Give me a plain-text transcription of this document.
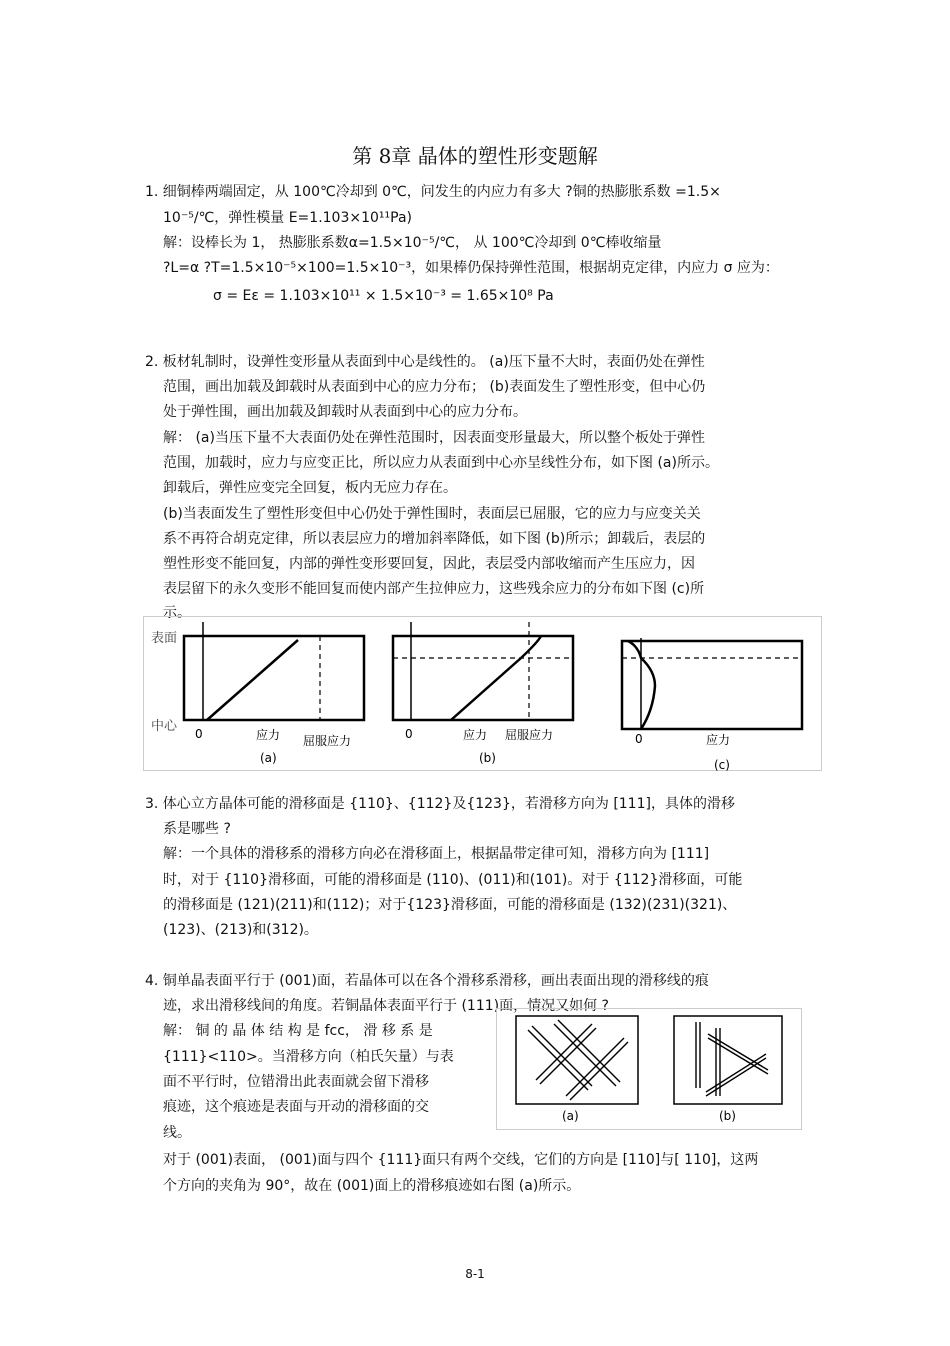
第 8章 晶体的塑性形变题解
1. 细铜棒两端固定，从 100℃冷却到 0℃，问发生的内应力有多大 ?铜的热膨胀系数 =1.5×
10⁻⁵/℃，弹性模量 E=1.103×10¹¹Pa)
解：设棒长为 1， 热膨胀系数α=1.5×10⁻⁵/℃， 从 100℃冷却到 0℃棒收缩量
?L=α ?T=1.5×10⁻⁵×100=1.5×10⁻³，如果棒仍保持弹性范围，根据胡克定律，内应力 σ 应为：
σ = Eε = 1.103×10¹¹ × 1.5×10⁻³ = 1.65×10⁸ Pa
2. 板材轧制时，设弹性变形量从表面到中心是线性的。 (a)压下量不大时，表面仍处在弹性
范围，画出加载及卸载时从表面到中心的应力分布； (b)表面发生了塑性形变，但中心仍
处于弹性围，画出加载及卸载时从表面到中心的应力分布。
解： (a)当压下量不大表面仍处在弹性范围时，因表面变形量最大，所以整个板处于弹性
范围，加载时，应力与应变正比，所以应力从表面到中心亦呈线性分布，如下图 (a)所示。
卸载后，弹性应变完全回复，板内无应力存在。
(b)当表面发生了塑性形变但中心仍处于弹性围时，表面层已屈服，它的应力与应变关关
系不再符合胡克定律，所以表层应力的增加斜率降低，如下图 (b)所示；卸载后，表层的
塑性形变不能回复，内部的弹性变形要回复，因此，表层受内部收缩而产生压应力，因
表层留下的永久变形不能回复而使内部产生拉伸应力，这些残余应力的分布如下图 (c)所
示。
表面
中心 0	应力 屈服应力
(a)
0	应力 屈服应力
(b)
0	应力
(c)
3. 体心立方晶体可能的滑移面是 {110}、{112}及{123}，若滑移方向为 [111]，具体的滑移
系是哪些 ?
解：一个具体的滑移系的滑移方向必在滑移面上，根据晶带定律可知，滑移方向为 [111]
时，对于 {110}滑移面，可能的滑移面是 (110)、(011)和(101)。对于 {112}滑移面，可能
的滑移面是 (121)(211)和(112)；对于{123}滑移面，可能的滑移面是 (132)(231)(321)、
(123)、(213)和(312)。
4. 铜单晶表面平行于 (001)面，若晶体可以在各个滑移系滑移，画出表面出现的滑移线的痕
迹，求出滑移线间的角度。若铜晶体表面平行于 (111)面，情况又如何 ?
解： 铜 的 晶 体 结 构 是 fcc， 滑 移 系 是
{111}<110>。当滑移方向（柏氏矢量）与表
面不平行时，位错滑出此表面就会留下滑移
痕迹，这个痕迹是表面与开动的滑移面的交
线。
对于 (001)表面， (001)面与四个 {111}面只有两个交线，它们的方向是 [110]与[ 110]，这两
个方向的夹角为 90°，故在 (001)面上的滑移痕迹如右图 (a)所示。
(a)	(b)
8-1
